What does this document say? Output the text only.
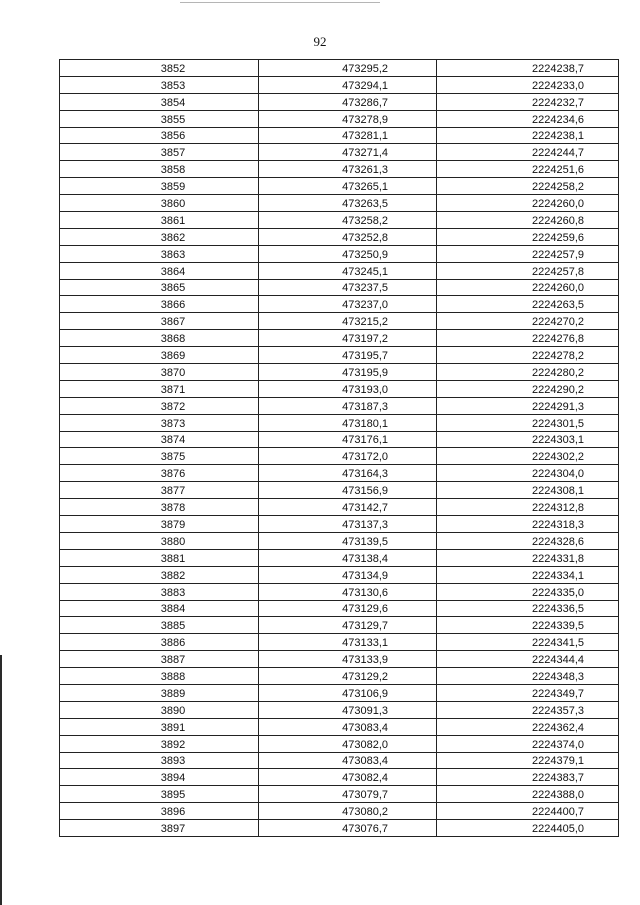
92
3852	473295,2	2224238,7
3853	473294,1	2224233,0
3854	473286,7	2224232,7
3855	473278,9	2224234,6
3856	473281,1	2224238,1
3857	473271,4	2224244,7
3858	473261,3	2224251,6
3859	473265,1	2224258,2
3860	473263,5	2224260,0
3861	473258,2	2224260,8
3862	473252,8	2224259,6
3863	473250,9	2224257,9
3864	473245,1	2224257,8
3865	473237,5	2224260,0
3866	473237,0	2224263,5
3867	473215,2	2224270,2
3868	473197,2	2224276,8
3869	473195,7	2224278,2
3870	473195,9	2224280,2
3871	473193,0	2224290,2
3872	473187,3	2224291,3
3873	473180,1	2224301,5
3874	473176,1	2224303,1
3875	473172,0	2224302,2
3876	473164,3	2224304,0
3877	473156,9	2224308,1
3878	473142,7	2224312,8
3879	473137,3	2224318,3
3880	473139,5	2224328,6
3881	473138,4	2224331,8
3882	473134,9	2224334,1
3883	473130,6	2224335,0
3884	473129,6	2224336,5
3885	473129,7	2224339,5
3886	473133,1	2224341,5
3887	473133,9	2224344,4
3888	473129,2	2224348,3
3889	473106,9	2224349,7
3890	473091,3	2224357,3
3891	473083,4	2224362,4
3892	473082,0	2224374,0
3893	473083,4	2224379,1
3894	473082,4	2224383,7
3895	473079,7	2224388,0
3896	473080,2	2224400,7
3897	473076,7	2224405,0
